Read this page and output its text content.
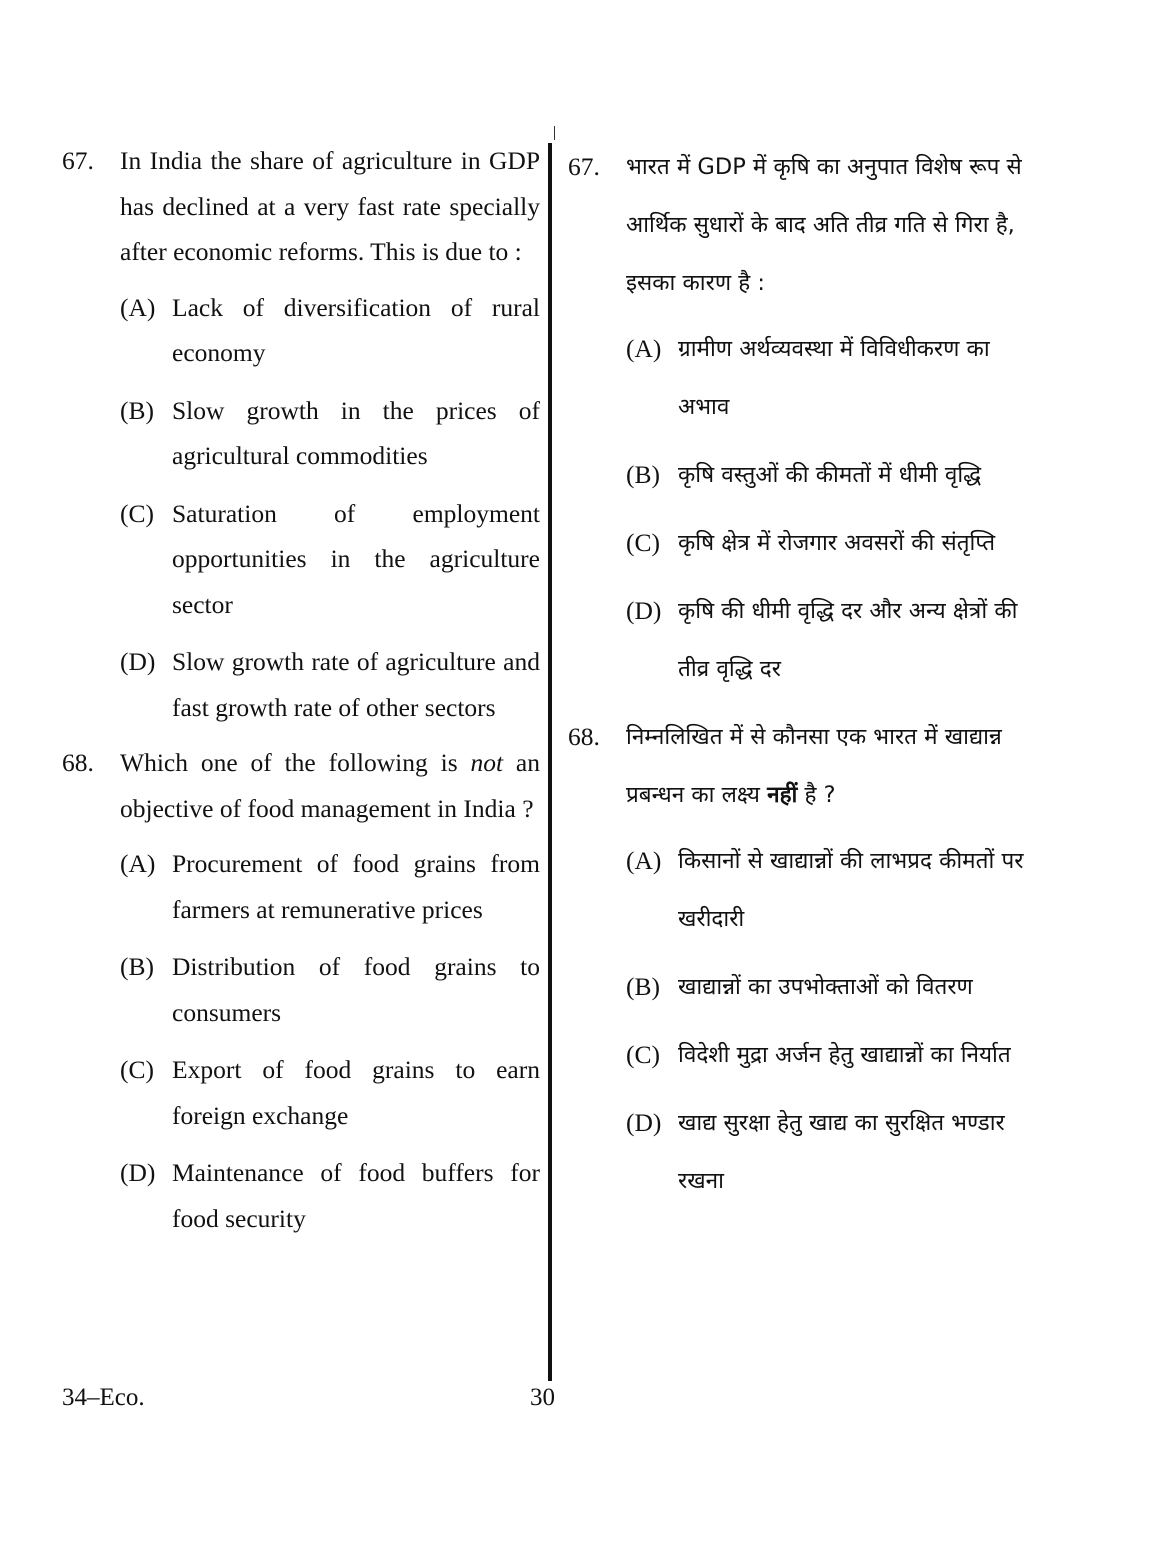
67. In India the share of agriculture in GDP has declined at a very fast rate specially after economic reforms. This is due to :
(A) Lack of diversification of rural economy
(B) Slow growth in the prices of agricultural commodities
(C) Saturation of employment opportunities in the agriculture sector
(D) Slow growth rate of agriculture and fast growth rate of other sectors
68. Which one of the following is not an objective of food management in India ?
(A) Procurement of food grains from farmers at remunerative prices
(B) Distribution of food grains to consumers
(C) Export of food grains to earn foreign exchange
(D) Maintenance of food buffers for food security
67. भारत में GDP में कृषि का अनुपात विशेष रूप से आर्थिक सुधारों के बाद अति तीव्र गति से गिरा है, इसका कारण है :
(A) ग्रामीण अर्थव्यवस्था में विविधीकरण का अभाव
(B) कृषि वस्तुओं की कीमतों में धीमी वृद्धि
(C) कृषि क्षेत्र में रोजगार अवसरों की संतृप्ति
(D) कृषि की धीमी वृद्धि दर और अन्य क्षेत्रों की तीव्र वृद्धि दर
68. निम्नलिखित में से कौनसा एक भारत में खाद्यान्न प्रबन्धन का लक्ष्य नहीं है ?
(A) किसानों से खाद्यान्नों की लाभप्रद कीमतों पर खरीदारी
(B) खाद्यान्नों का उपभोक्ताओं को वितरण
(C) विदेशी मुद्रा अर्जन हेतु खाद्यान्नों का निर्यात
(D) खाद्य सुरक्षा हेतु खाद्य का सुरक्षित भण्डार रखना
34–Eco.	30
